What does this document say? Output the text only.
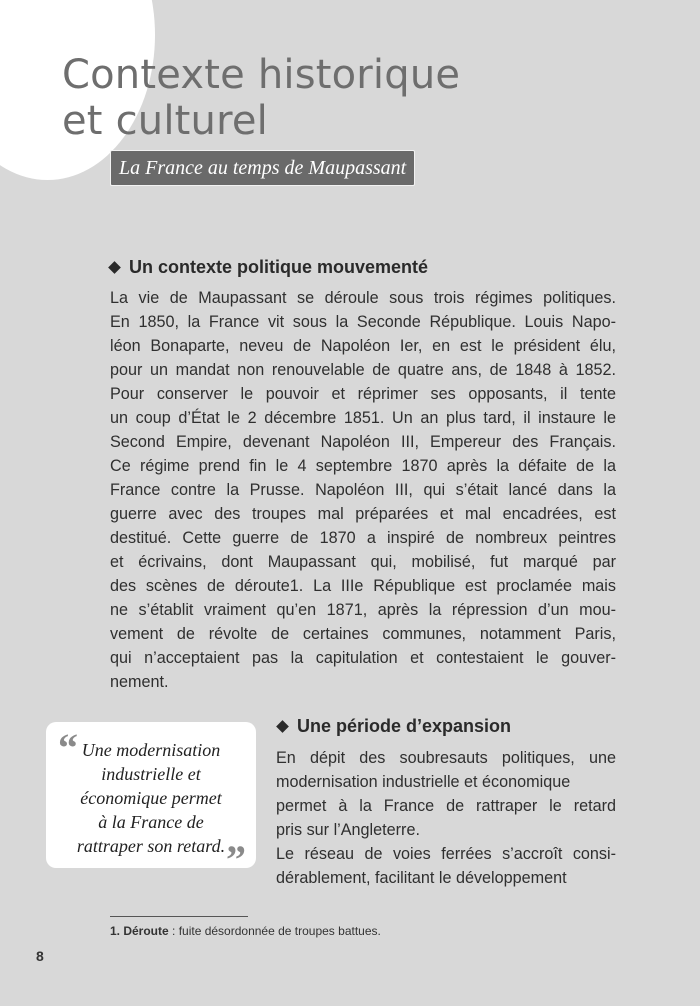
Contexte historique
et culturel
La France au temps de Maupassant
Un contexte politique mouvementé
La vie de Maupassant se déroule sous trois régimes politiques.
En 1850, la France vit sous la Seconde République. Louis Napo-
léon Bonaparte, neveu de Napoléon Ier, en est le président élu,
pour un mandat non renouvelable de quatre ans, de 1848 à 1852.
Pour conserver le pouvoir et réprimer ses opposants, il tente
un coup d’État le 2 décembre 1851. Un an plus tard, il instaure le
Second Empire, devenant Napoléon III, Empereur des Français.
Ce régime prend fin le 4 septembre 1870 après la défaite de la
France contre la Prusse. Napoléon III, qui s’était lancé dans la
guerre avec des troupes mal préparées et mal encadrées, est
destitué. Cette guerre de 1870 a inspiré de nombreux peintres
et écrivains, dont Maupassant qui, mobilisé, fut marqué par
des scènes de déroute1. La IIIe République est proclamée mais
ne s’établit vraiment qu’en 1871, après la répression d’un mou-
vement de révolte de certaines communes, notamment Paris,
qui n’acceptaient pas la capitulation et contestaient le gouver-
nement.
“ Une modernisation
industrielle et
économique permet
à la France de
rattraper son retard. ”
Une période d’expansion
En dépit des soubresauts politiques, une
modernisation industrielle et économique
permet à la France de rattraper le retard
pris sur l’Angleterre.
Le réseau de voies ferrées s’accroît consi-
dérablement, facilitant le développement

1. Déroute : fuite désordonnée de troupes battues.

8
